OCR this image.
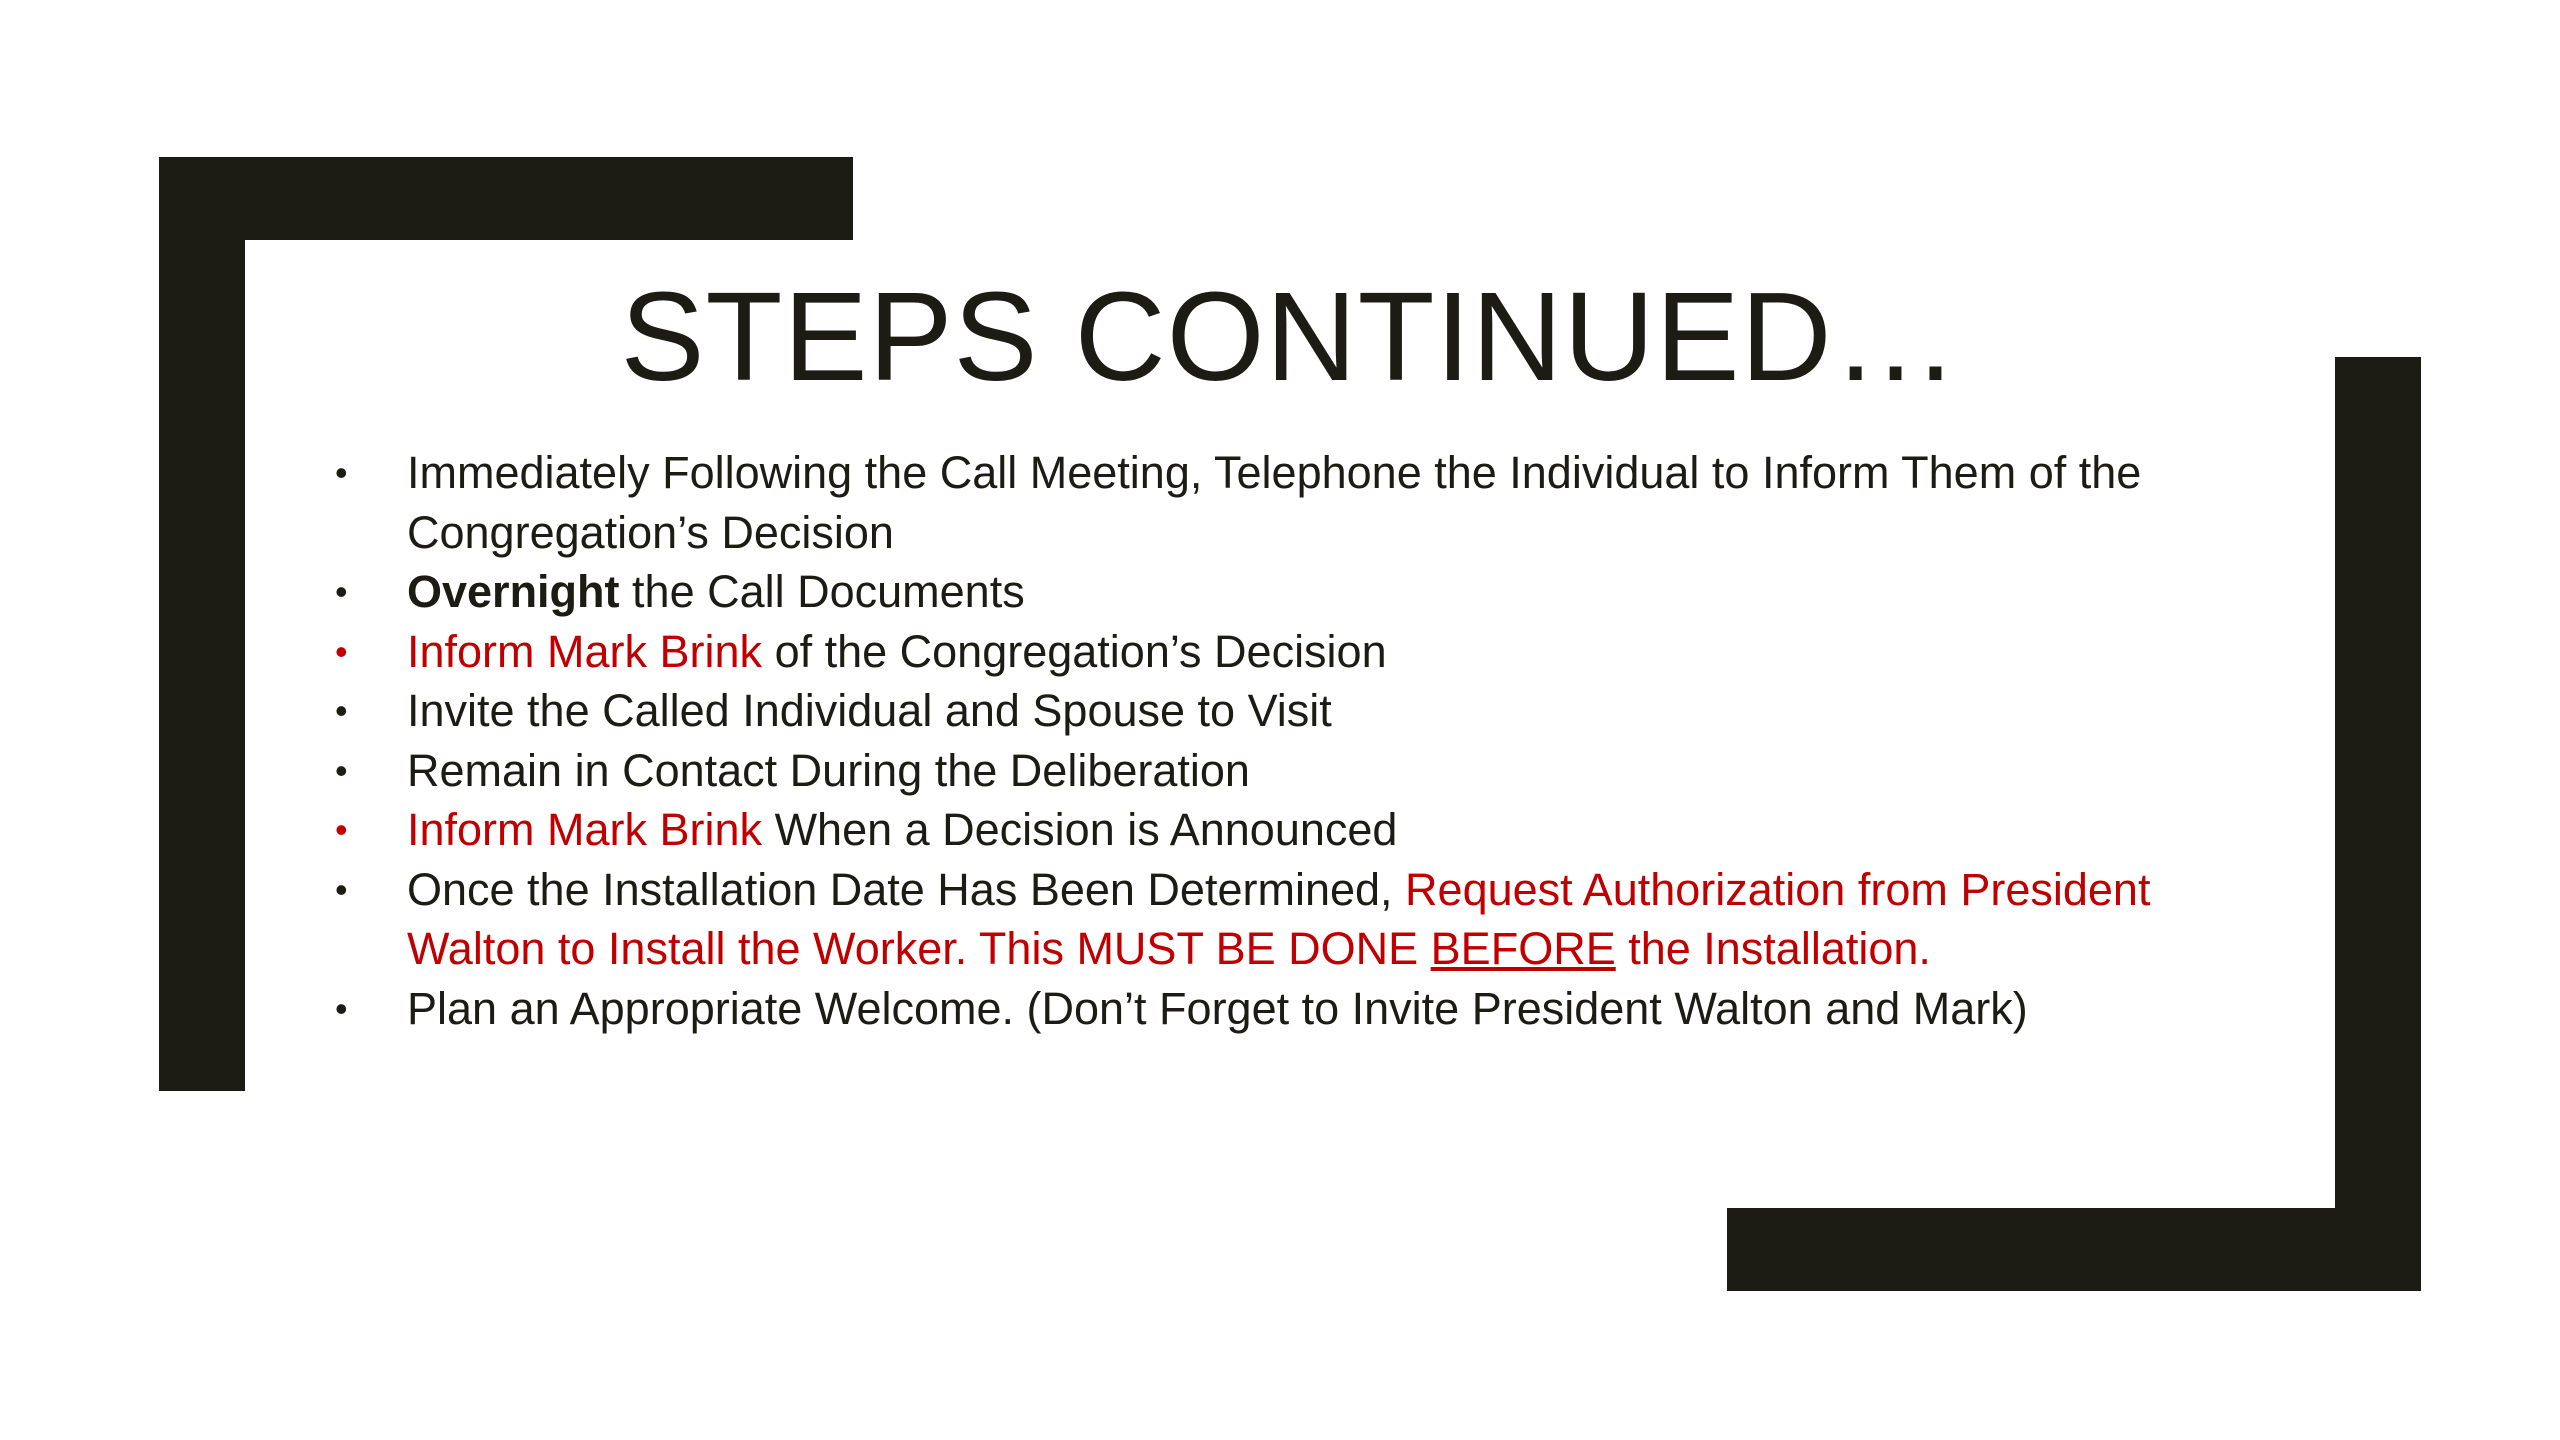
STEPS CONTINUED…
• Immediately Following the Call Meeting, Telephone the Individual to Inform Them of the Congregation’s Decision
• Overnight the Call Documents
• Inform Mark Brink of the Congregation’s Decision
• Invite the Called Individual and Spouse to Visit
• Remain in Contact During the Deliberation
• Inform Mark Brink When a Decision is Announced
• Once the Installation Date Has Been Determined, Request Authorization from President Walton to Install the Worker. This MUST BE DONE BEFORE the Installation.
• Plan an Appropriate Welcome. (Don’t Forget to Invite President Walton and Mark)
